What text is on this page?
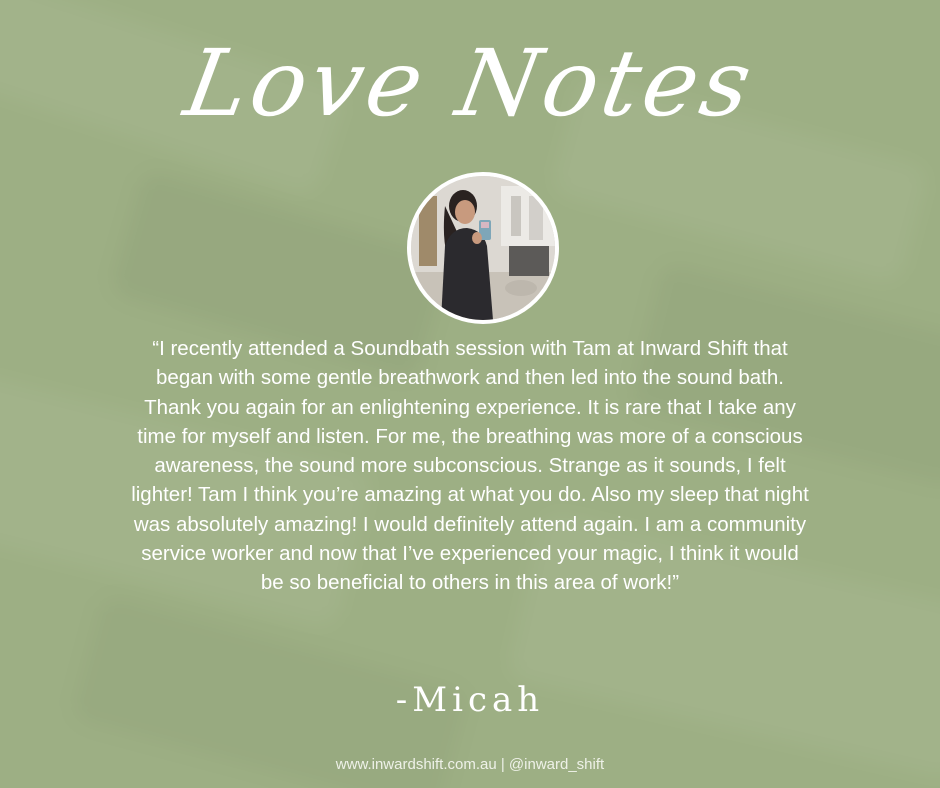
Love Notes

“I recently attended a Soundbath session with Tam at Inward Shift that began with some gentle breathwork and then led into the sound bath. Thank you again for an enlightening experience. It is rare that I take any time for myself and listen. For me, the breathing was more of a conscious awareness, the sound more subconscious. Strange as it sounds, I felt lighter! Tam I think you’re amazing at what you do. Also my sleep that night was absolutely amazing! I would definitely attend again. I am a community service worker and now that I’ve experienced your magic, I think it would be so beneficial to others in this area of work!”

-Micah
www.inwardshift.com.au | @inward_shift
